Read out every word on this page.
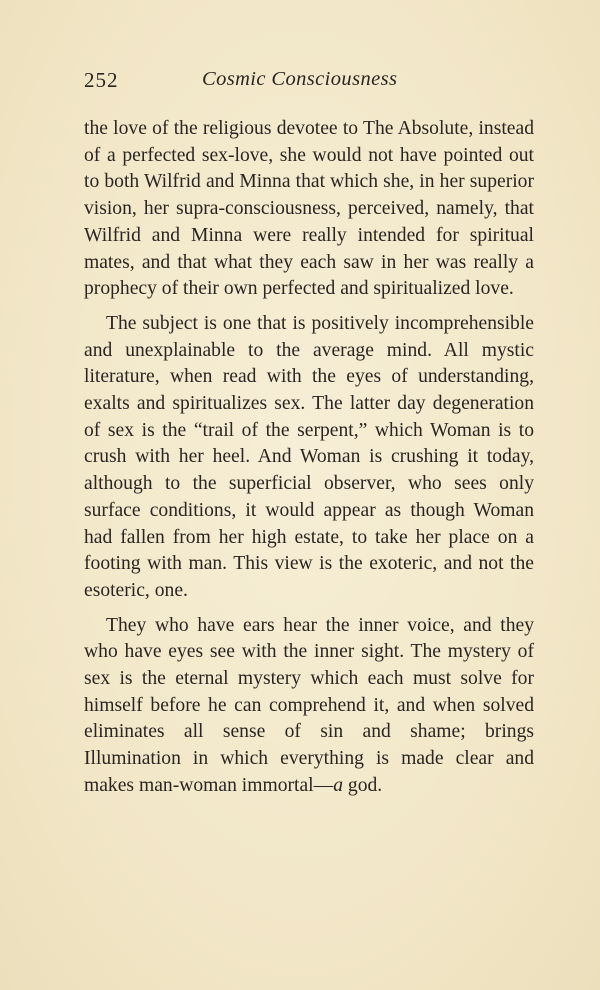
252	Cosmic Consciousness

the love of the religious devotee to The Absolute, instead of a perfected sex-love, she would not have pointed out to both Wilfrid and Minna that which she, in her superior vision, her supra-consciousness, perceived, namely, that Wilfrid and Minna were really intended for spiritual mates, and that what they each saw in her was really a prophecy of their own perfected and spiritualized love.

The subject is one that is positively incomprehensible and unexplainable to the average mind. All mystic literature, when read with the eyes of understanding, exalts and spiritualizes sex. The latter day degeneration of sex is the “trail of the serpent,” which Woman is to crush with her heel. And Woman is crushing it today, although to the superficial observer, who sees only surface conditions, it would appear as though Woman had fallen from her high estate, to take her place on a footing with man. This view is the exoteric, and not the esoteric, one.

They who have ears hear the inner voice, and they who have eyes see with the inner sight. The mystery of sex is the eternal mystery which each must solve for himself before he can comprehend it, and when solved eliminates all sense of sin and shame; brings Illumination in which everything is made clear and makes man-woman immortal—a god.
